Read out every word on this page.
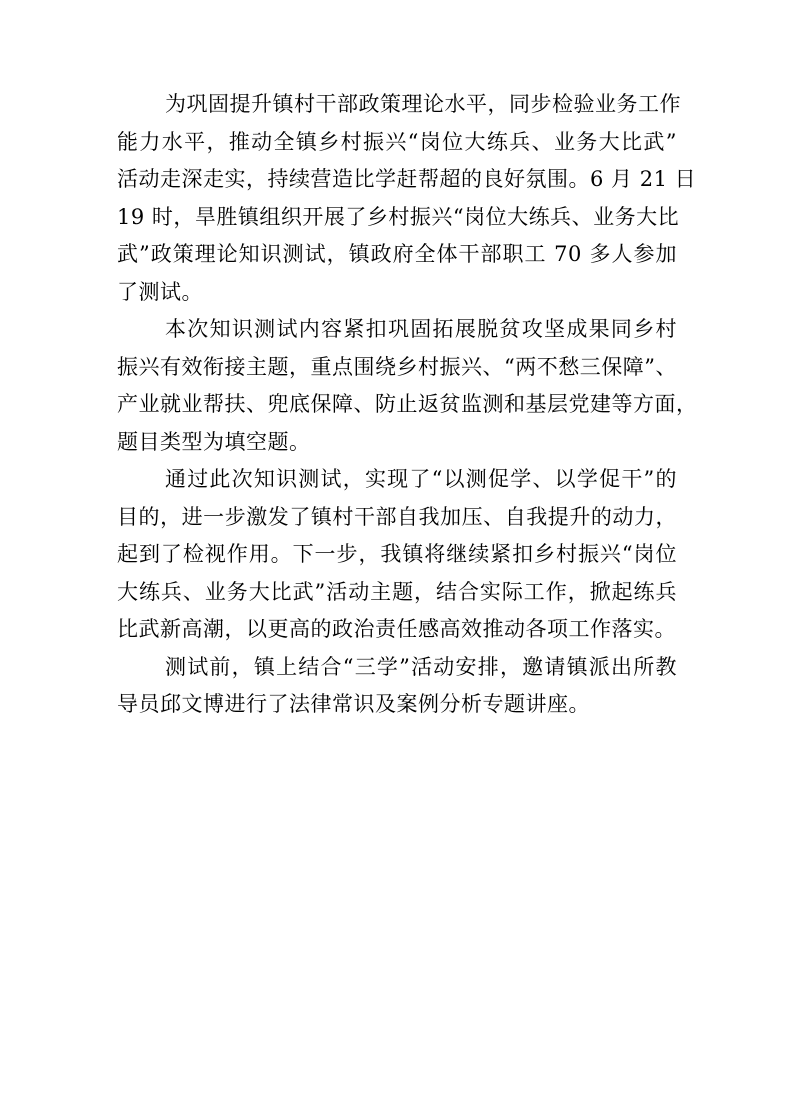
为巩固提升镇村干部政策理论水平，同步检验业务工作
能力水平，推动全镇乡村振兴“岗位大练兵、业务大比武”
活动走深走实，持续营造比学赶帮超的良好氛围。6 月 21 日
19 时，旱胜镇组织开展了乡村振兴“岗位大练兵、业务大比
武”政策理论知识测试，镇政府全体干部职工 70 多人参加
了测试。
本次知识测试内容紧扣巩固拓展脱贫攻坚成果同乡村
振兴有效衔接主题，重点围绕乡村振兴、“两不愁三保障”、
产业就业帮扶、兜底保障、防止返贫监测和基层党建等方面，
题目类型为填空题。
通过此次知识测试，实现了“以测促学、以学促干”的
目的，进一步激发了镇村干部自我加压、自我提升的动力，
起到了检视作用。下一步，我镇将继续紧扣乡村振兴“岗位
大练兵、业务大比武”活动主题，结合实际工作，掀起练兵
比武新高潮，以更高的政治责任感高效推动各项工作落实。
测试前，镇上结合“三学”活动安排，邀请镇派出所教
导员邱文博进行了法律常识及案例分析专题讲座。
